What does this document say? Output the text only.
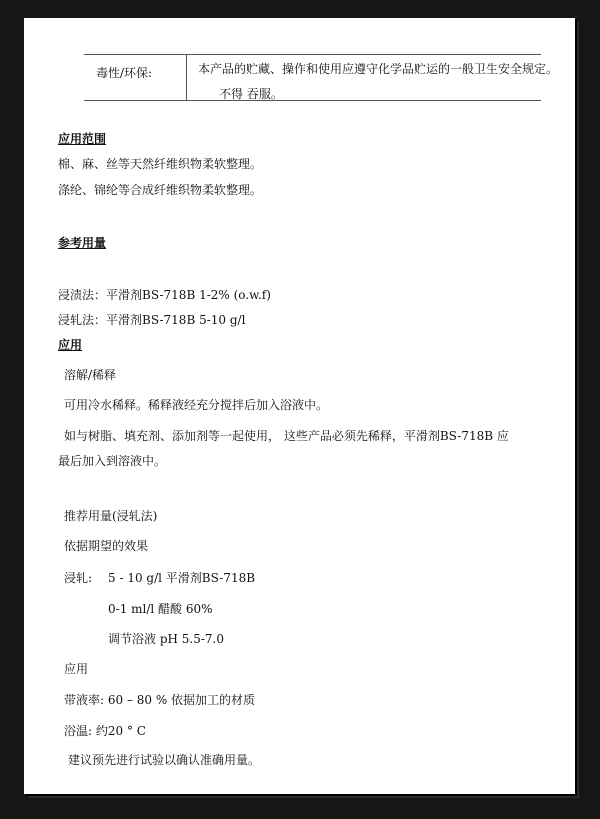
毒性/环保:	本产品的贮藏、操作和使用应遵守化学品贮运的一般卫生安全规定。
不得 吞服。
应用范围
棉、麻、丝等天然纤维织物柔软整理。
涤纶、锦纶等合成纤维织物柔软整理。
参考用量
浸渍法：平滑剂BS-718B 1-2% (o.w.f)
浸轧法：平滑剂BS-718B 5-10 g/l
应用
溶解/稀释
可用冷水稀释。稀释液经充分搅拌后加入浴液中。
如与树脂、填充剂、添加剂等一起使用， 这些产品必须先稀释，平滑剂BS-718B 应
最后加入到溶液中。
推荐用量(浸轧法)
依据期望的效果
浸轧: 5 - 10 g/l 平滑剂BS-718B
0-1 ml/l 醋酸 60%
调节浴液 pH 5.5-7.0
应用
带液率: 60 – 80 % 依据加工的材质
浴温: 约20 ° C
建议预先进行试验以确认准确用量。
